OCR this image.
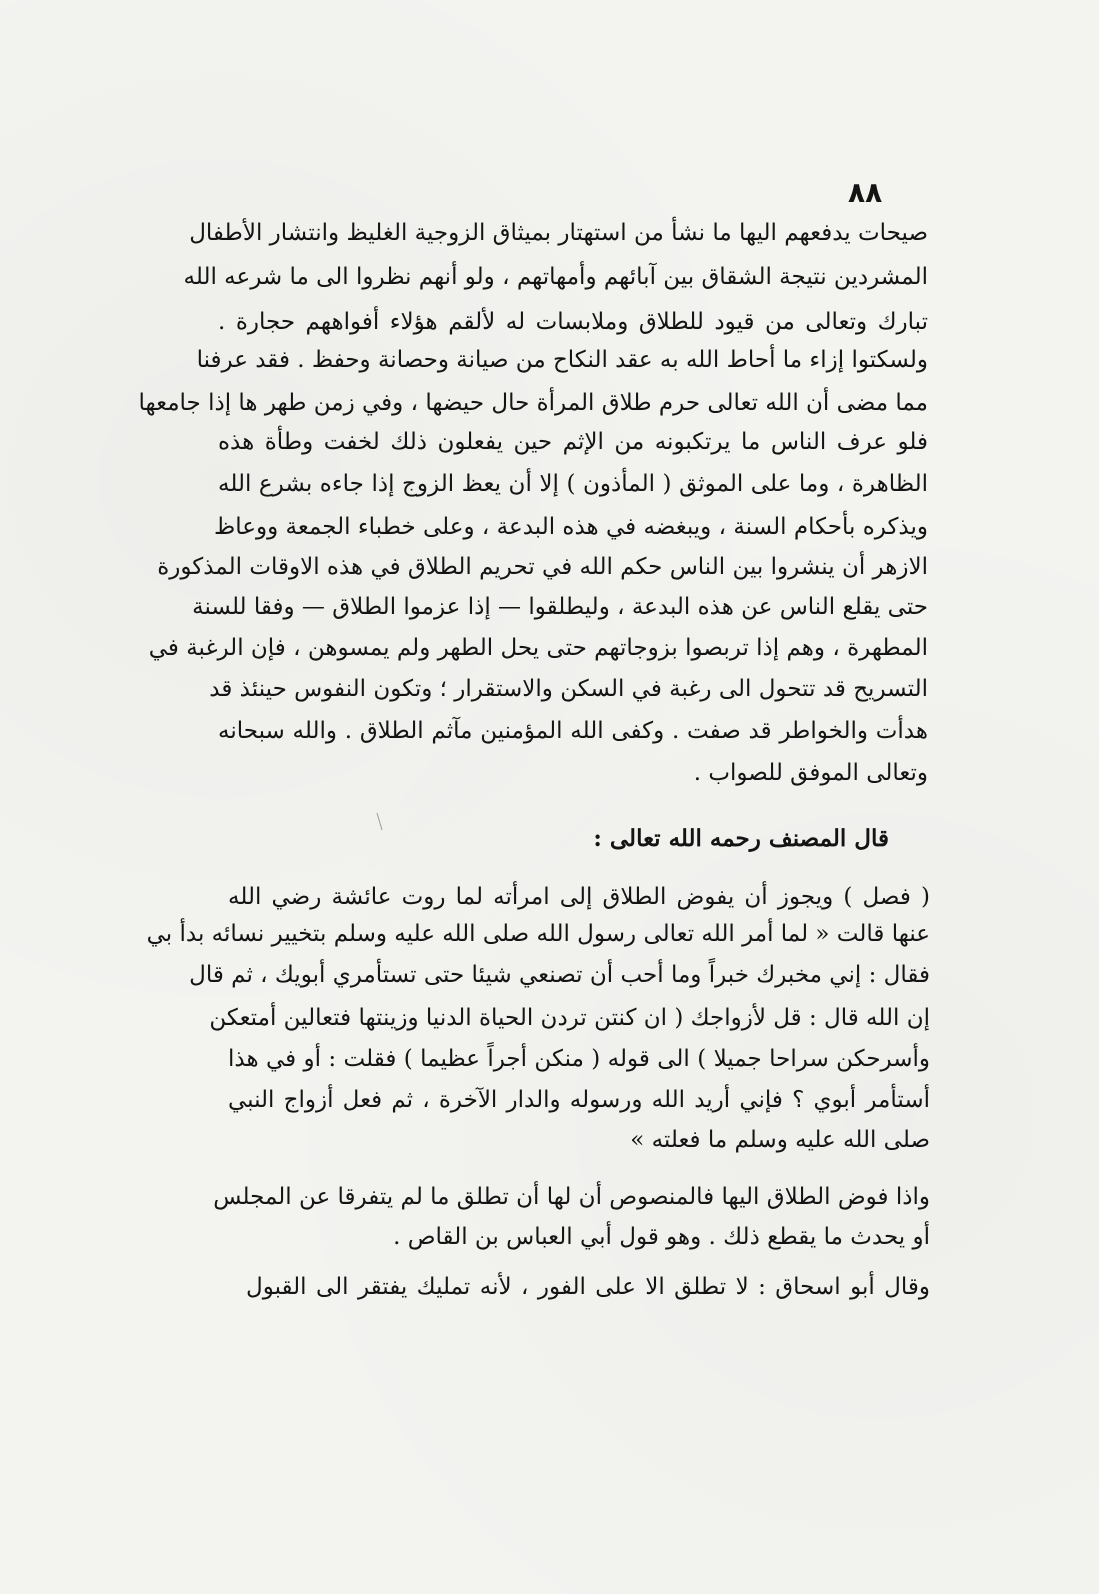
٨٨
صيحات يدفعهم اليها ما نشأ من استهتار بميثاق الزوجية الغليظ وانتشار الأطفال
المشردين نتيجة الشقاق بين آبائهم وأمهاتهم ، ولو أنهم نظروا الى ما شرعه الله
تبارك وتعالى من قيود للطلاق وملابسات له لألقم هؤلاء أفواههم حجارة .
ولسكتوا إزاء ما أحاط الله به عقد النكاح من صيانة وحصانة وحفظ . فقد عرفنا
مما مضى أن الله تعالى حرم طلاق المرأة حال حيضها ، وفي زمن طهر ها إذا جامعها
فلو عرف الناس ما يرتكبونه من الإثم حين يفعلون ذلك لخفت وطأة هذه
الظاهرة ، وما على الموثق ( المأذون ) إلا أن يعظ الزوج إذا جاءه بشرع الله
ويذكره بأحكام السنة ، ويبغضه في هذه البدعة ، وعلى خطباء الجمعة ووعاظ
الازهر أن ينشروا بين الناس حكم الله في تحريم الطلاق في هذه الاوقات المذكورة
حتى يقلع الناس عن هذه البدعة ، وليطلقوا — إذا عزموا الطلاق — وفقا للسنة
المطهرة ، وهم إذا تربصوا بزوجاتهم حتى يحل الطهر ولم يمسوهن ، فإن الرغبة في
التسريح قد تتحول الى رغبة في السكن والاستقرار ؛ وتكون النفوس حينئذ قد
هدأت والخواطر قد صفت . وكفى الله المؤمنين مآثم الطلاق . والله سبحانه
وتعالى الموفق للصواب .
قال المصنف رحمه الله تعالى :
( فصل ) ويجوز أن يفوض الطلاق إلى امرأته لما روت عائشة رضي الله
عنها قالت « لما أمر الله تعالى رسول الله صلى الله عليه وسلم بتخيير نسائه بدأ بي
فقال : إني مخبرك خبراً وما أحب أن تصنعي شيئا حتى تستأمري أبويك ، ثم قال
إن الله قال : قل لأزواجك ( ان كنتن تردن الحياة الدنيا وزينتها فتعالين أمتعكن
وأسرحكن سراحا جميلا ) الى قوله ( منكن أجراً عظيما ) فقلت : أو في هذا
أستأمر أبوي ؟ فإني أريد الله ورسوله والدار الآخرة ، ثم فعل أزواج النبي
صلى الله عليه وسلم ما فعلته »
واذا فوض الطلاق اليها فالمنصوص أن لها أن تطلق ما لم يتفرقا عن المجلس
أو يحدث ما يقطع ذلك . وهو قول أبي العباس بن القاص .
وقال أبو اسحاق : لا تطلق الا على الفور ، لأنه تمليك يفتقر الى القبول
